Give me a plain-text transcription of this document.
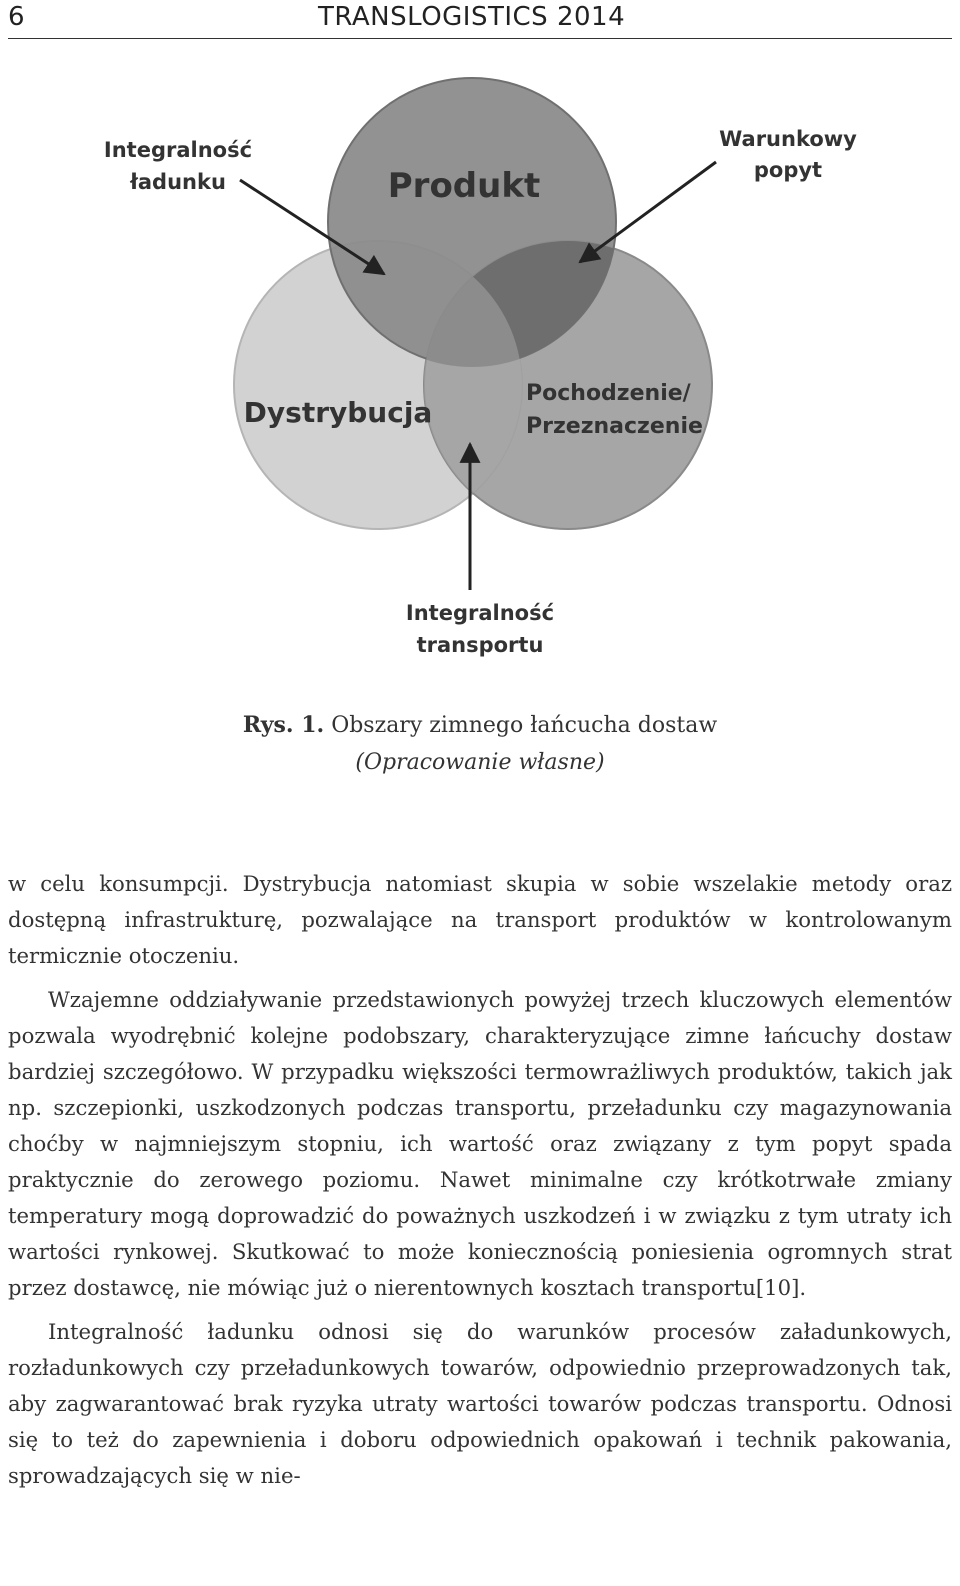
6	TRANSLOGISTICS 2014
Produkt
Dystrybucja
Pochodzenie/
Przeznaczenie
Integralność
ładunku
Warunkowy
popyt
Integralność
transportu
Rys. 1. Obszary zimnego łańcucha dostaw
(Opracowanie własne)

w celu konsumpcji. Dystrybucja natomiast skupia w sobie wszelakie metody oraz dostępną infrastrukturę, pozwalające na transport produktów w kontrolowanym termicznie otoczeniu.

Wzajemne oddziaływanie przedstawionych powyżej trzech kluczowych elementów pozwala wyodrębnić kolejne podobszary, charakteryzujące zimne łańcuchy dostaw bardziej szczegółowo. W przypadku większości termowrażliwych produktów, takich jak np. szczepionki, uszkodzonych podczas transportu, przeładunku czy magazynowania choćby w najmniejszym stopniu, ich wartość oraz związany z tym popyt spada praktycznie do zerowego poziomu. Nawet minimalne czy krótkotrwałe zmiany temperatury mogą doprowadzić do poważnych uszkodzeń i w związku z tym utraty ich wartości rynkowej. Skutkować to może koniecznością poniesienia ogromnych strat przez dostawcę, nie mówiąc już o nierentownych kosztach transportu[10].

Integralność ładunku odnosi się do warunków procesów załadunkowych, rozładunkowych czy przeładunkowych towarów, odpowiednio przeprowadzonych tak, aby zagwarantować brak ryzyka utraty wartości towarów podczas transportu. Odnosi się to też do zapewnienia i doboru odpowiednich opakowań i technik pakowania, sprowadzających się w nie-
